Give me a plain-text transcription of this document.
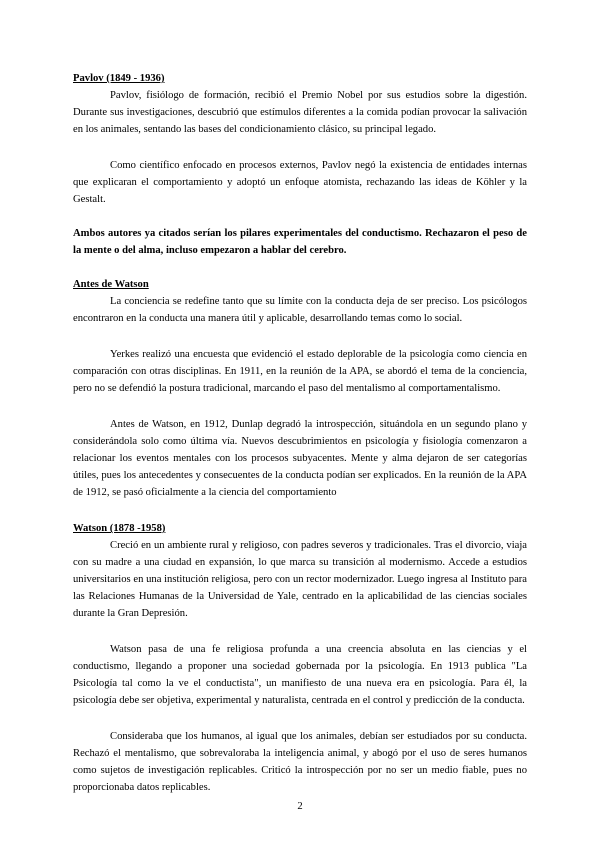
Pavlov (1849 - 1936)

Pavlov, fisiólogo de formación, recibió el Premio Nobel por sus estudios sobre la digestión. Durante sus investigaciones, descubrió que estímulos diferentes a la comida podían provocar la salivación en los animales, sentando las bases del condicionamiento clásico, su principal legado.

Como científico enfocado en procesos externos, Pavlov negó la existencia de entidades internas que explicaran el comportamiento y adoptó un enfoque atomista, rechazando las ideas de Köhler y la Gestalt.

Ambos autores ya citados serían los pilares experimentales del conductismo. Rechazaron el peso de la mente o del alma, incluso empezaron a hablar del cerebro.

Antes de Watson

La conciencia se redefine tanto que su límite con la conducta deja de ser preciso. Los psicólogos encontraron en la conducta una manera útil y aplicable, desarrollando temas como lo social.

Yerkes realizó una encuesta que evidenció el estado deplorable de la psicología como ciencia en comparación con otras disciplinas. En 1911, en la reunión de la APA, se abordó el tema de la conciencia, pero no se defendió la postura tradicional, marcando el paso del mentalismo al comportamentalismo.

Antes de Watson, en 1912, Dunlap degradó la introspección, situándola en un segundo plano y considerándola solo como última vía. Nuevos descubrimientos en psicología y fisiología comenzaron a relacionar los eventos mentales con los procesos subyacentes. Mente y alma dejaron de ser categorías útiles, pues los antecedentes y consecuentes de la conducta podían ser explicados. En la reunión de la APA de 1912, se pasó oficialmente a la ciencia del comportamiento

Watson (1878 -1958)

Creció en un ambiente rural y religioso, con padres severos y tradicionales. Tras el divorcio, viaja con su madre a una ciudad en expansión, lo que marca su transición al modernismo. Accede a estudios universitarios en una institución religiosa, pero con un rector modernizador. Luego ingresa al Instituto para las Relaciones Humanas de la Universidad de Yale, centrado en la aplicabilidad de las ciencias sociales durante la Gran Depresión.

Watson pasa de una fe religiosa profunda a una creencia absoluta en las ciencias y el conductismo, llegando a proponer una sociedad gobernada por la psicología. En 1913 publica "La Psicología tal como la ve el conductista", un manifiesto de una nueva era en psicología. Para él, la psicología debe ser objetiva, experimental y naturalista, centrada en el control y predicción de la conducta.

Consideraba que los humanos, al igual que los animales, debían ser estudiados por su conducta. Rechazó el mentalismo, que sobrevaloraba la inteligencia animal, y abogó por el uso de seres humanos como sujetos de investigación replicables. Criticó la introspección por no ser un medio fiable, pues no proporcionaba datos replicables.

2
